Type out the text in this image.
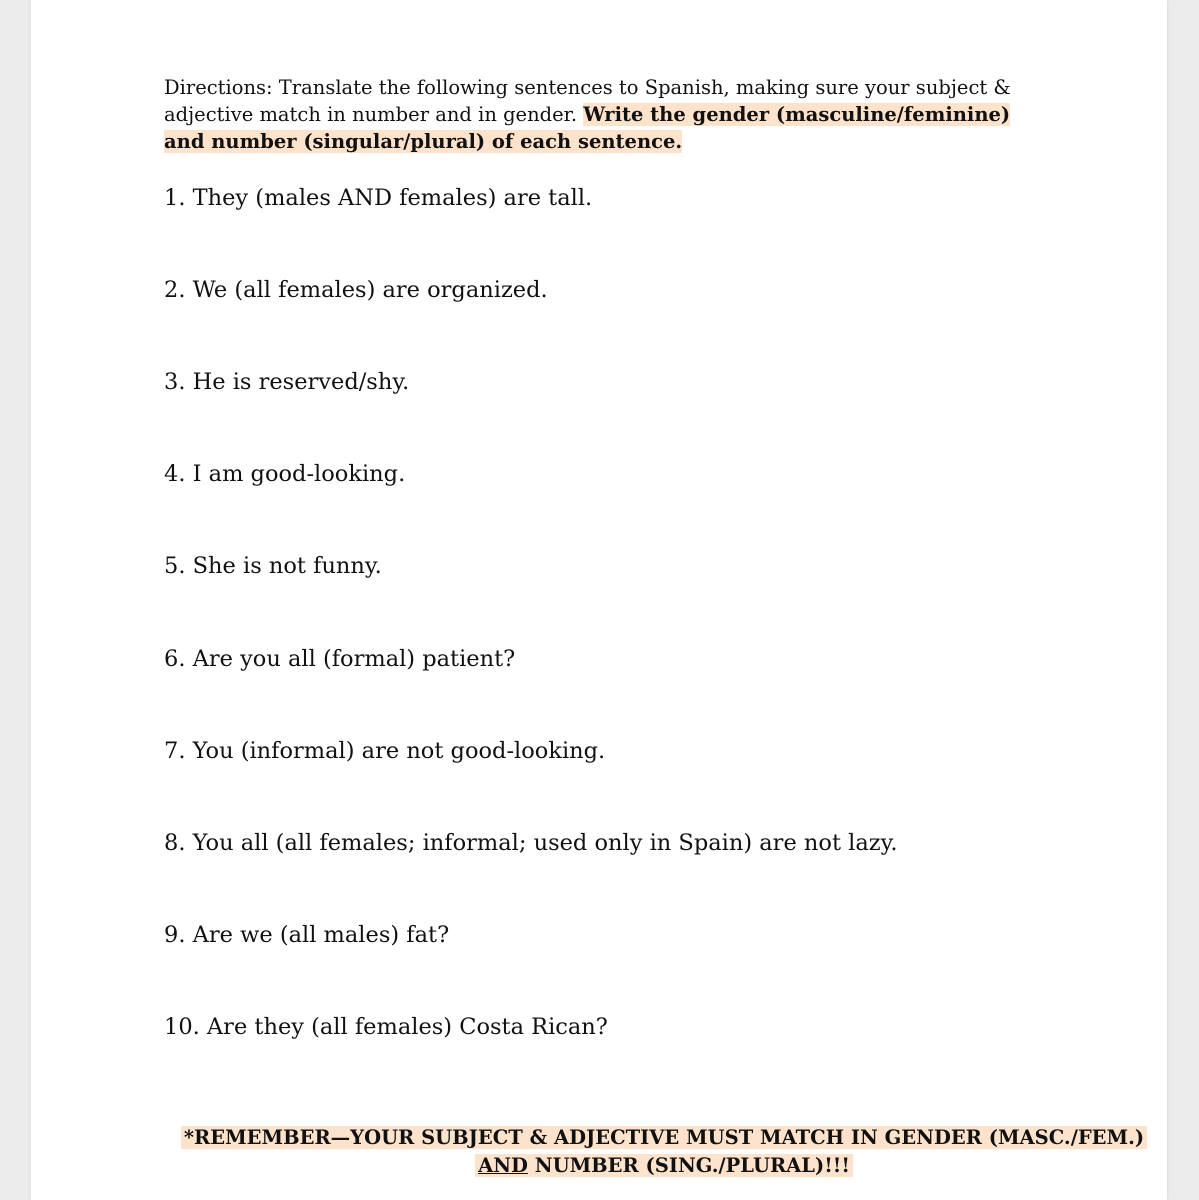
Directions: Translate the following sentences to Spanish, making sure your subject & adjective match in number and in gender. Write the gender (masculine/feminine) and number (singular/plural) of each sentence.

1. They (males AND females) are tall.

2. We (all females) are organized.

3. He is reserved/shy.

4. I am good-looking.

5. She is not funny.

6. Are you all (formal) patient?

7. You (informal) are not good-looking.

8. You all (all females; informal; used only in Spain) are not lazy.

9. Are we (all males) fat?

10. Are they (all females) Costa Rican?

*REMEMBER—YOUR SUBJECT & ADJECTIVE MUST MATCH IN GENDER (MASC./FEM.)
AND NUMBER (SING./PLURAL)!!!
